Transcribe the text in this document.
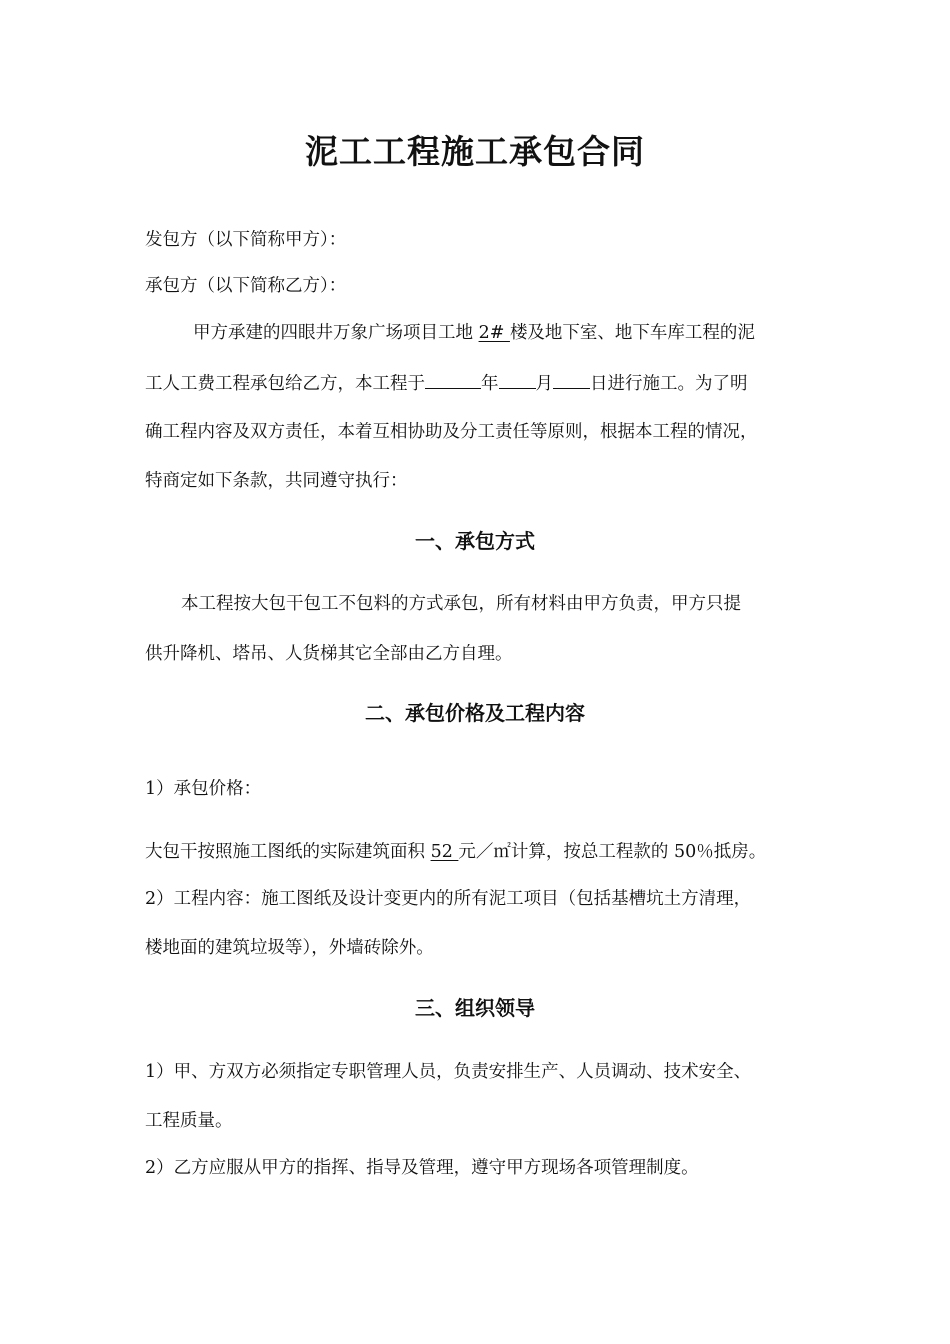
泥工工程施工承包合同
发包方（以下简称甲方）：
承包方（以下简称乙方）：
甲方承建的四眼井万象广场项目工地 2# 楼及地下室、地下车库工程的泥
工人工费工程承包给乙方，本工程于	年 月 日进行施工。为了明
确工程内容及双方责任，本着互相协助及分工责任等原则，根据本工程的情况，
特商定如下条款，共同遵守执行：
一、承包方式
本工程按大包干包工不包料的方式承包，所有材料由甲方负责，甲方只提
供升降机、塔吊、人货梯其它全部由乙方自理。
二、承包价格及工程内容
1）承包价格：
大包干按照施工图纸的实际建筑面积 52 元／㎡计算，按总工程款的 50％抵房。
2）工程内容：施工图纸及设计变更内的所有泥工项目（包括基槽坑土方清理，
楼地面的建筑垃圾等），外墙砖除外。
三、组织领导
1）甲、方双方必须指定专职管理人员，负责安排生产、人员调动、技术安全、
工程质量。
2）乙方应服从甲方的指挥、指导及管理，遵守甲方现场各项管理制度。
